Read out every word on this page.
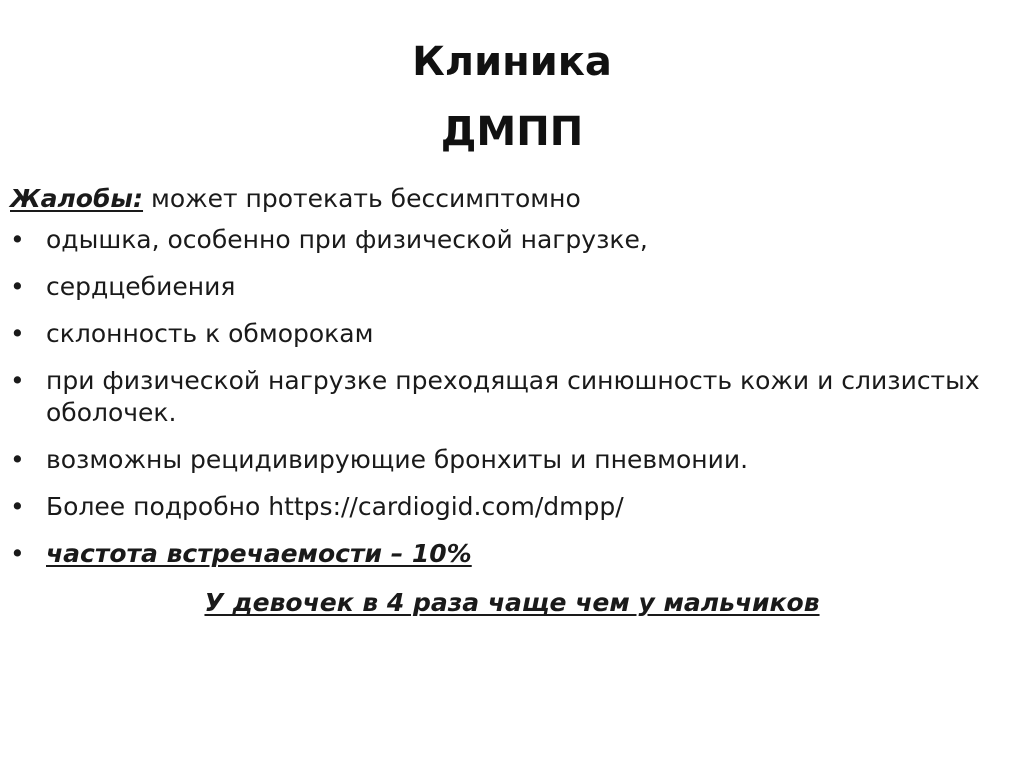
Клиника
ДМПП
Жалобы: может протекать бессимптомно
• одышка, особенно при физической нагрузке,
• сердцебиения
• склонность к обморокам
• при физической нагрузке преходящая синюшность кожи и слизистых оболочек.
• возможны рецидивирующие бронхиты и пневмонии.
• Более подробно https://cardiogid.com/dmpp/
• частота встречаемости – 10%
У девочек в 4 раза чаще чем у мальчиков
